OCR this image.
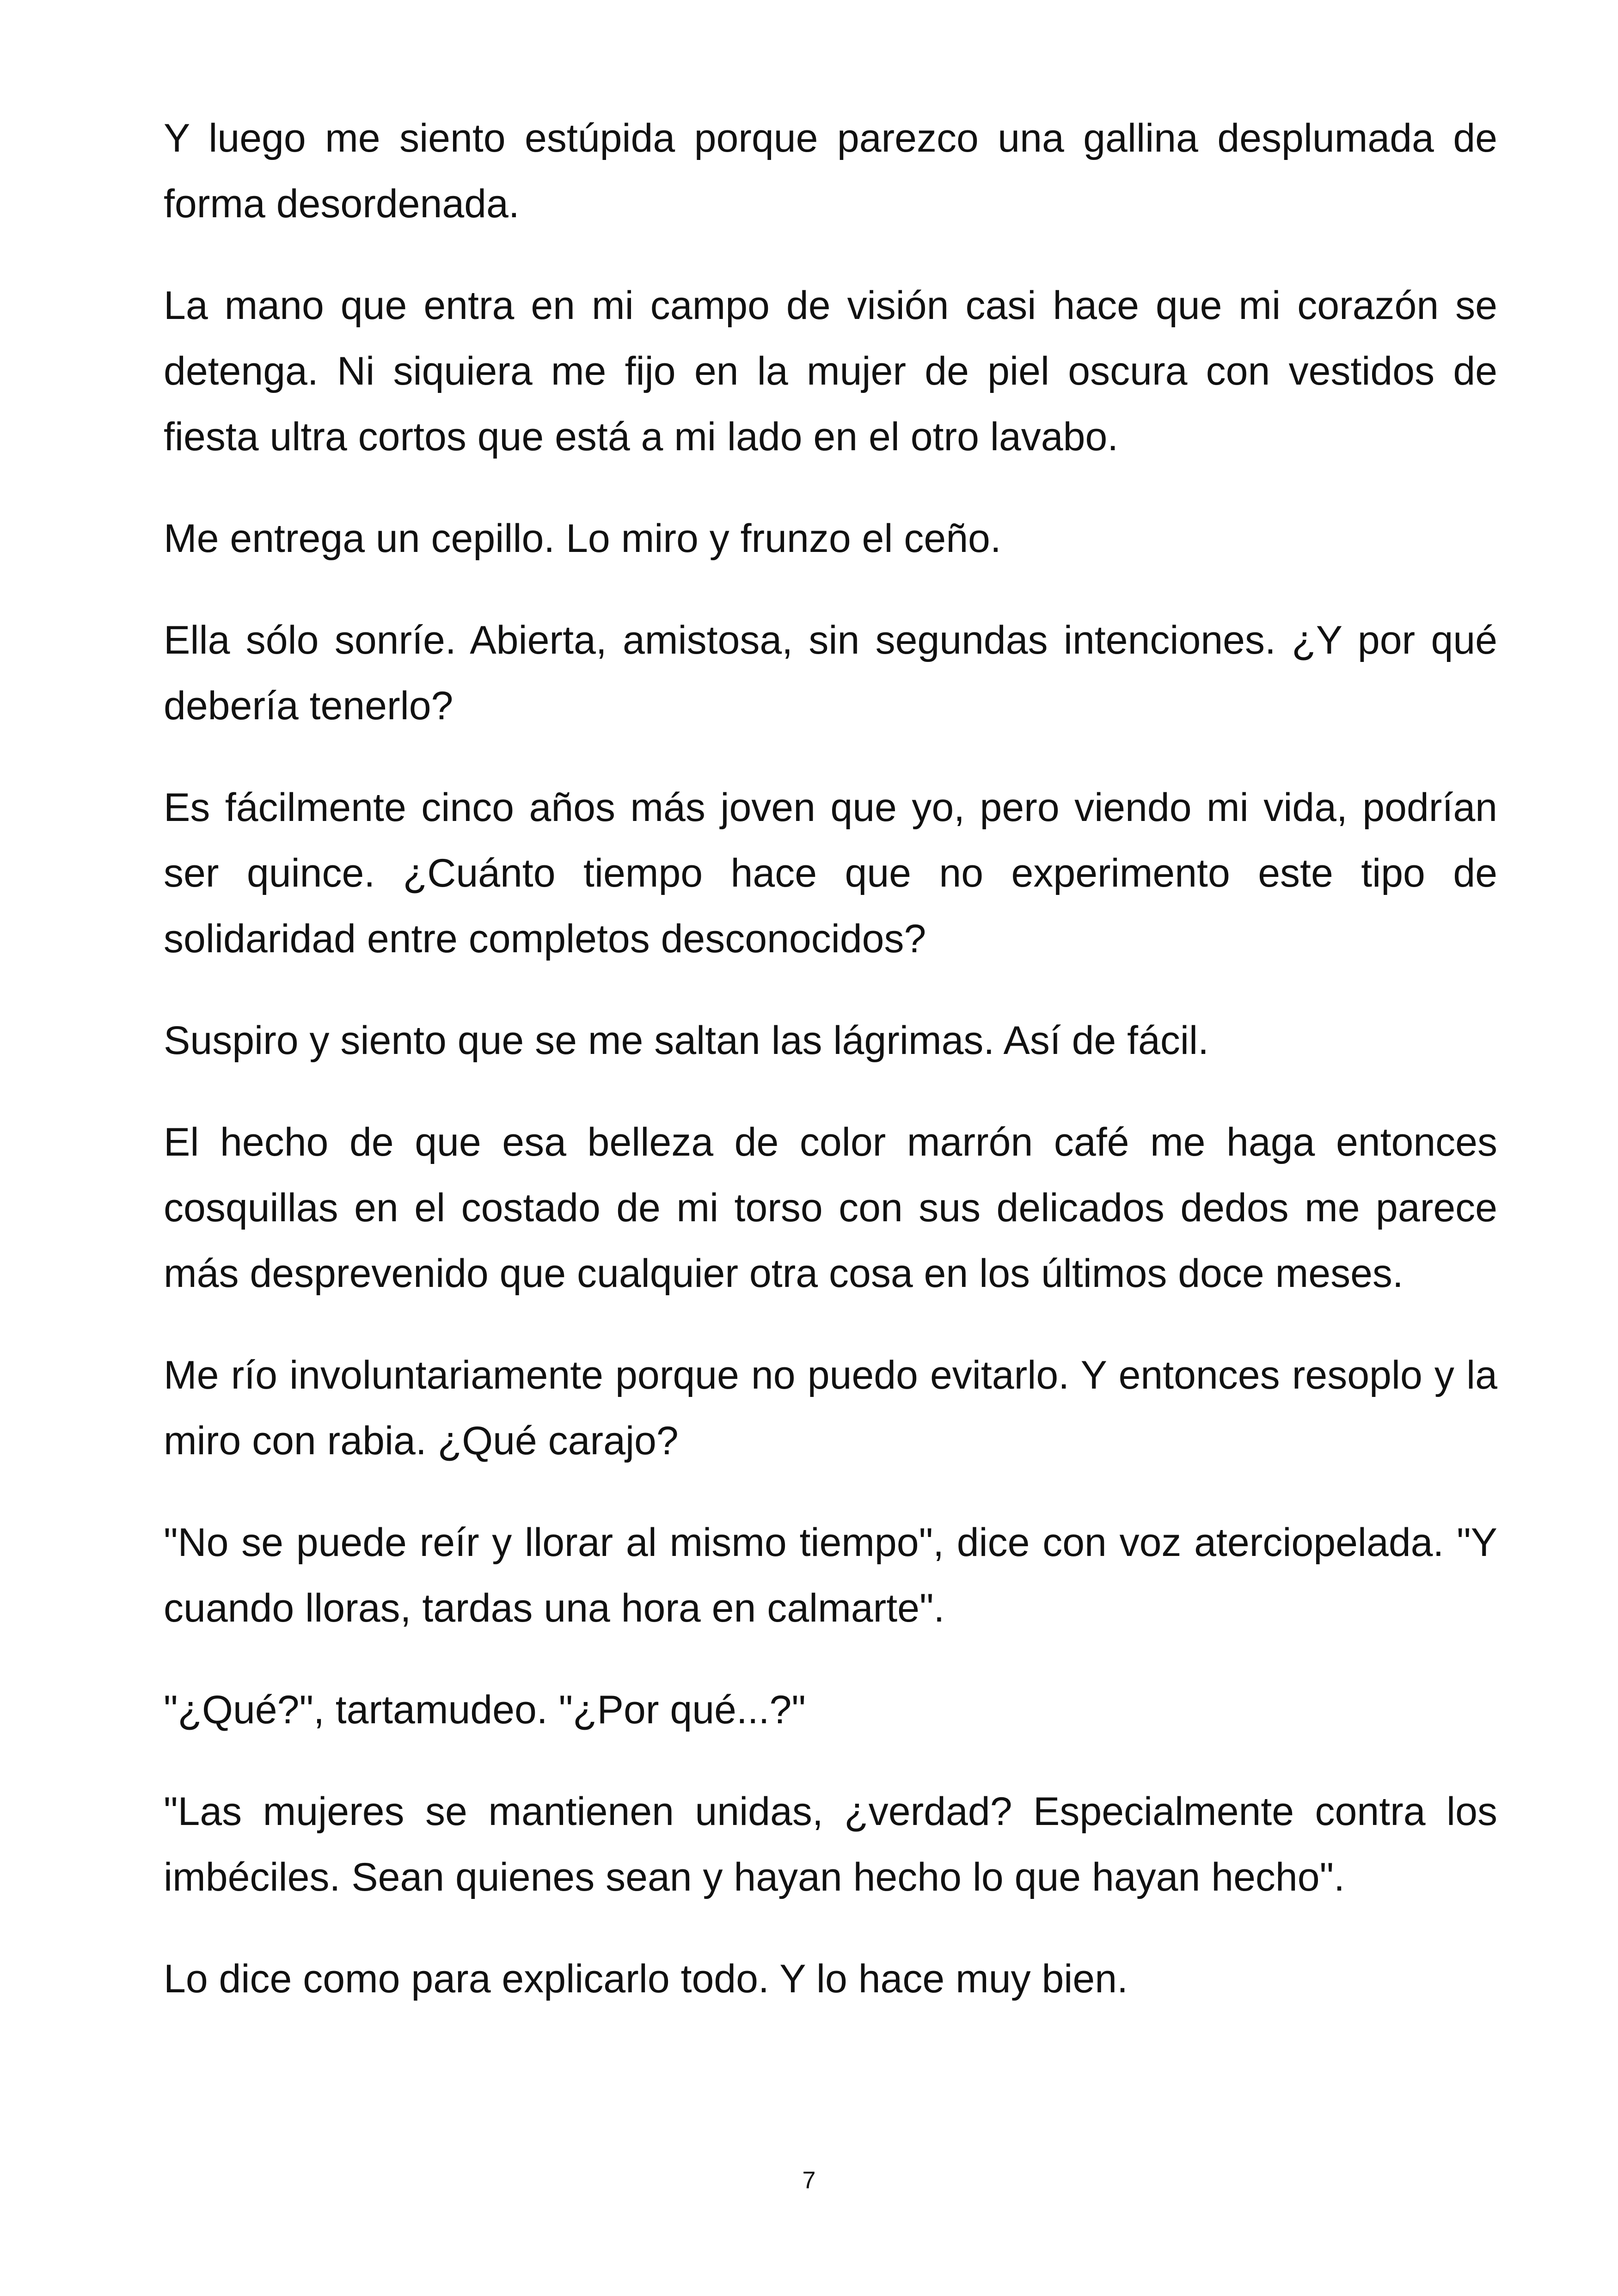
Y luego me siento estúpida porque parezco una gallina desplumada de forma desordenada.

La mano que entra en mi campo de visión casi hace que mi corazón se detenga. Ni siquiera me fijo en la mujer de piel oscura con vestidos de fiesta ultra cortos que está a mi lado en el otro lavabo.

Me entrega un cepillo. Lo miro y frunzo el ceño.

Ella sólo sonríe. Abierta, amistosa, sin segundas intenciones. ¿Y por qué debería tenerlo?

Es fácilmente cinco años más joven que yo, pero viendo mi vida, podrían ser quince. ¿Cuánto tiempo hace que no experimento este tipo de solidaridad entre completos desconocidos?

Suspiro y siento que se me saltan las lágrimas. Así de fácil.

El hecho de que esa belleza de color marrón café me haga entonces cosquillas en el costado de mi torso con sus delicados dedos me parece más desprevenido que cualquier otra cosa en los últimos doce meses.

Me río involuntariamente porque no puedo evitarlo. Y entonces resoplo y la miro con rabia. ¿Qué carajo?

"No se puede reír y llorar al mismo tiempo", dice con voz aterciopelada. "Y cuando lloras, tardas una hora en calmarte".

"¿Qué?", tartamudeo. "¿Por qué...?"

"Las mujeres se mantienen unidas, ¿verdad? Especialmente contra los imbéciles. Sean quienes sean y hayan hecho lo que hayan hecho".

Lo dice como para explicarlo todo. Y lo hace muy bien.

7
